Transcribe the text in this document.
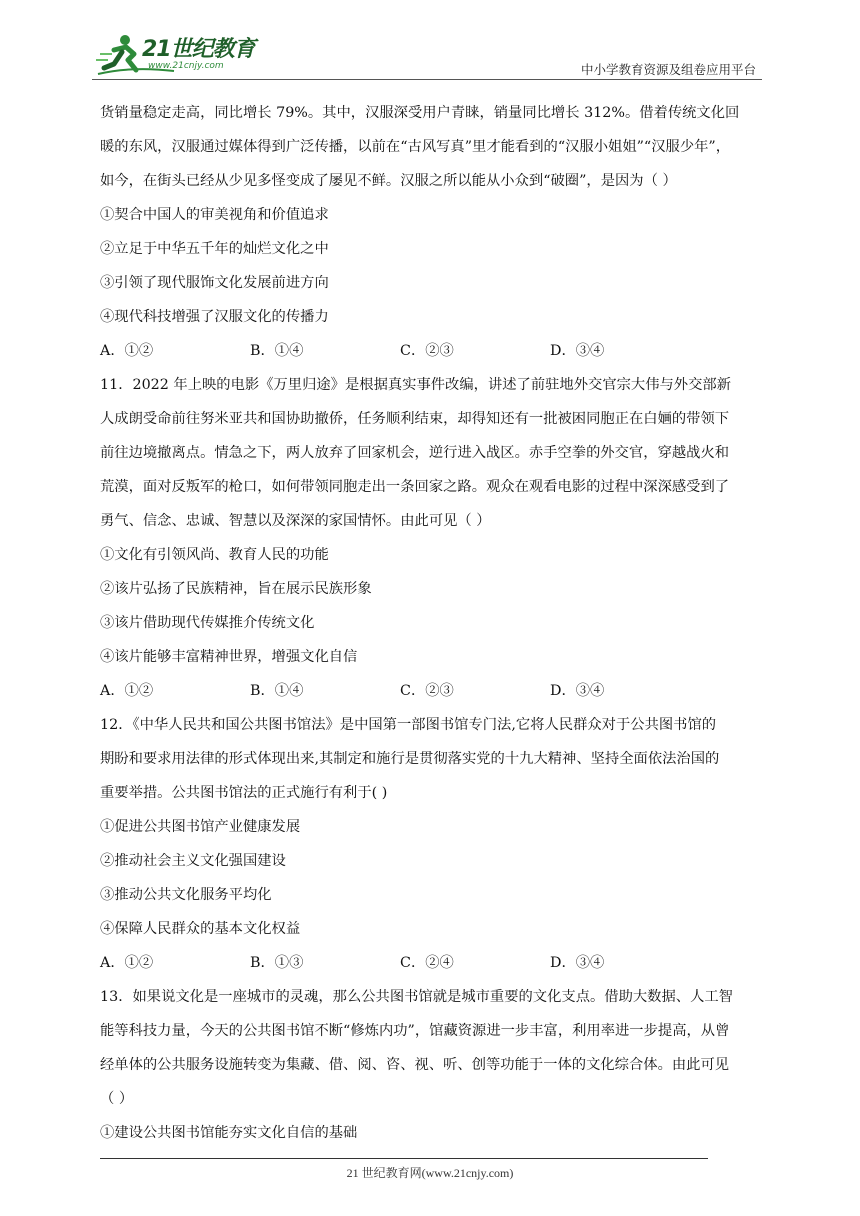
21世纪教育
www.21cnjy.com	中小学教育资源及组卷应用平台

货销量稳定走高，同比增长 79%。其中，汉服深受用户青睐，销量同比增长 312%。借着传统文化回

暖的东风，汉服通过媒体得到广泛传播，以前在“古风写真”里才能看到的“汉服小姐姐”“汉服少年”，

如今，在街头已经从少见多怪变成了屡见不鲜。汉服之所以能从小众到“破圈”，是因为（ ）

①契合中国人的审美视角和价值追求

②立足于中华五千年的灿烂文化之中

③引领了现代服饰文化发展前进方向

④现代科技增强了汉服文化的传播力

A．①②	B．①④	C．②③	D．③④

11．2022 年上映的电影《万里归途》是根据真实事件改编，讲述了前驻地外交官宗大伟与外交部新

人成朗受命前往努米亚共和国协助撤侨，任务顺利结束，却得知还有一批被困同胞正在白婳的带领下

前往边境撤离点。情急之下，两人放弃了回家机会，逆行进入战区。赤手空拳的外交官，穿越战火和

荒漠，面对反叛军的枪口，如何带领同胞走出一条回家之路。观众在观看电影的过程中深深感受到了

勇气、信念、忠诚、智慧以及深深的家国情怀。由此可见（ ）

①文化有引领风尚、教育人民的功能

②该片弘扬了民族精神，旨在展示民族形象

③该片借助现代传媒推介传统文化

④该片能够丰富精神世界，增强文化自信

A．①②	B．①④	C．②③	D．③④

12．《中华人民共和国公共图书馆法》是中国第一部图书馆专门法,它将人民群众对于公共图书馆的

期盼和要求用法律的形式体现出来,其制定和施行是贯彻落实党的十九大精神、坚持全面依法治国的

重要举措。公共图书馆法的正式施行有利于( )

①促进公共图书馆产业健康发展

②推动社会主义文化强国建设

③推动公共文化服务平均化

④保障人民群众的基本文化权益

A．①②	B．①③	C．②④	D．③④

13．如果说文化是一座城市的灵魂，那么公共图书馆就是城市重要的文化支点。借助大数据、人工智

能等科技力量，今天的公共图书馆不断“修炼内功”，馆藏资源进一步丰富，利用率进一步提高，从曾

经单体的公共服务设施转变为集藏、借、阅、咨、视、听、创等功能于一体的文化综合体。由此可见

（ ）

①建设公共图书馆能夯实文化自信的基础

21 世纪教育网(www.21cnjy.com)
